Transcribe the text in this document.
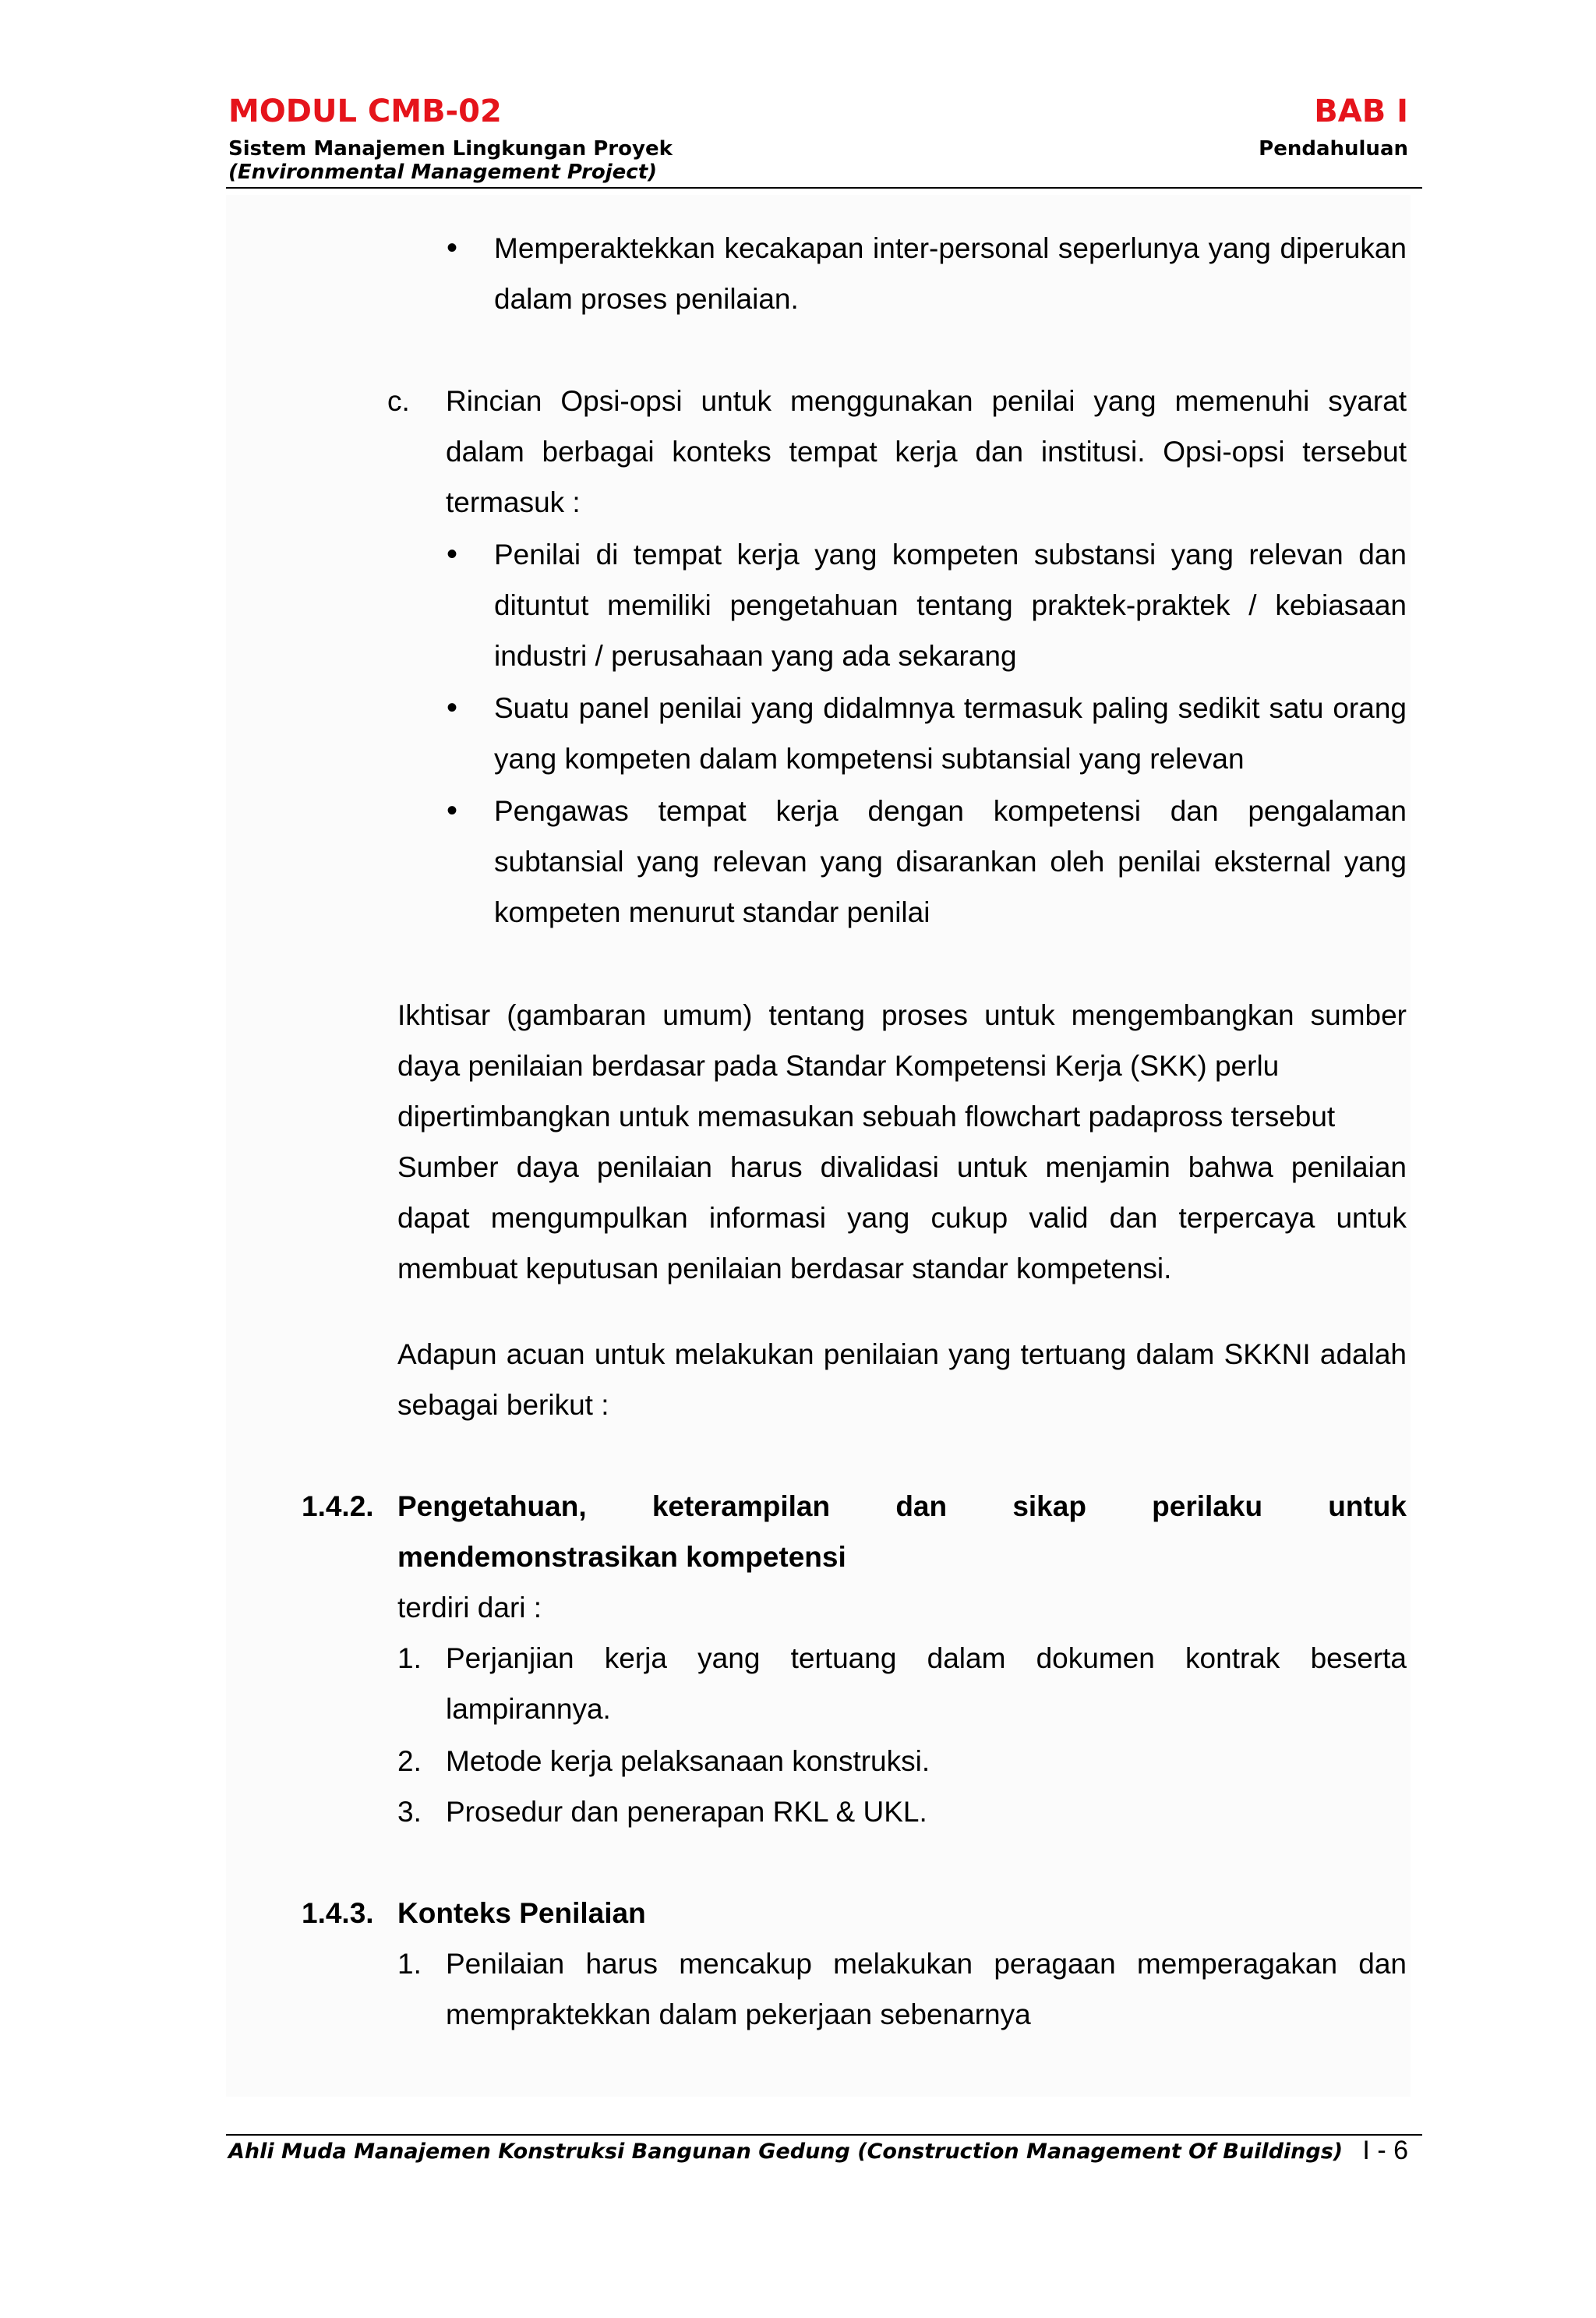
MODUL CMB-02	BAB I
Sistem Manajemen Lingkungan Proyek
(Environmental Management Project)
Pendahuluan
• Memperaktekkan kecakapan inter-personal seperlunya yang diperukan dalam proses penilaian.
c. Rincian Opsi-opsi untuk menggunakan penilai yang memenuhi syarat dalam berbagai konteks tempat kerja dan institusi. Opsi-opsi tersebut termasuk :
• Penilai di tempat kerja yang kompeten substansi yang relevan dan dituntut memiliki pengetahuan tentang praktek-praktek / kebiasaan industri / perusahaan yang ada sekarang
• Suatu panel penilai yang didalmnya termasuk paling sedikit satu orang yang kompeten dalam kompetensi subtansial yang relevan
• Pengawas tempat kerja dengan kompetensi dan pengalaman subtansial yang relevan yang disarankan oleh penilai eksternal yang kompeten menurut standar penilai
Ikhtisar (gambaran umum) tentang proses untuk mengembangkan sumber daya penilaian berdasar pada Standar Kompetensi Kerja (SKK) perlu
dipertimbangkan untuk memasukan sebuah flowchart padapross tersebut
Sumber daya penilaian harus divalidasi untuk menjamin bahwa penilaian dapat mengumpulkan informasi yang cukup valid dan terpercaya untuk membuat keputusan penilaian berdasar standar kompetensi.
Adapun acuan untuk melakukan penilaian yang tertuang dalam SKKNI adalah sebagai berikut :
1.4.2. Pengetahuan, keterampilan dan sikap perilaku untuk mendemonstrasikan kompetensi
terdiri dari :
1. Perjanjian kerja yang tertuang dalam dokumen kontrak beserta lampirannya.
2. Metode kerja pelaksanaan konstruksi.
3. Prosedur dan penerapan RKL & UKL.
1.4.3. Konteks Penilaian
1. Penilaian harus mencakup melakukan peragaan memperagakan dan mempraktekkan dalam pekerjaan sebenarnya
Ahli Muda Manajemen Konstruksi Bangunan Gedung (Construction Management Of Buildings) I - 6
